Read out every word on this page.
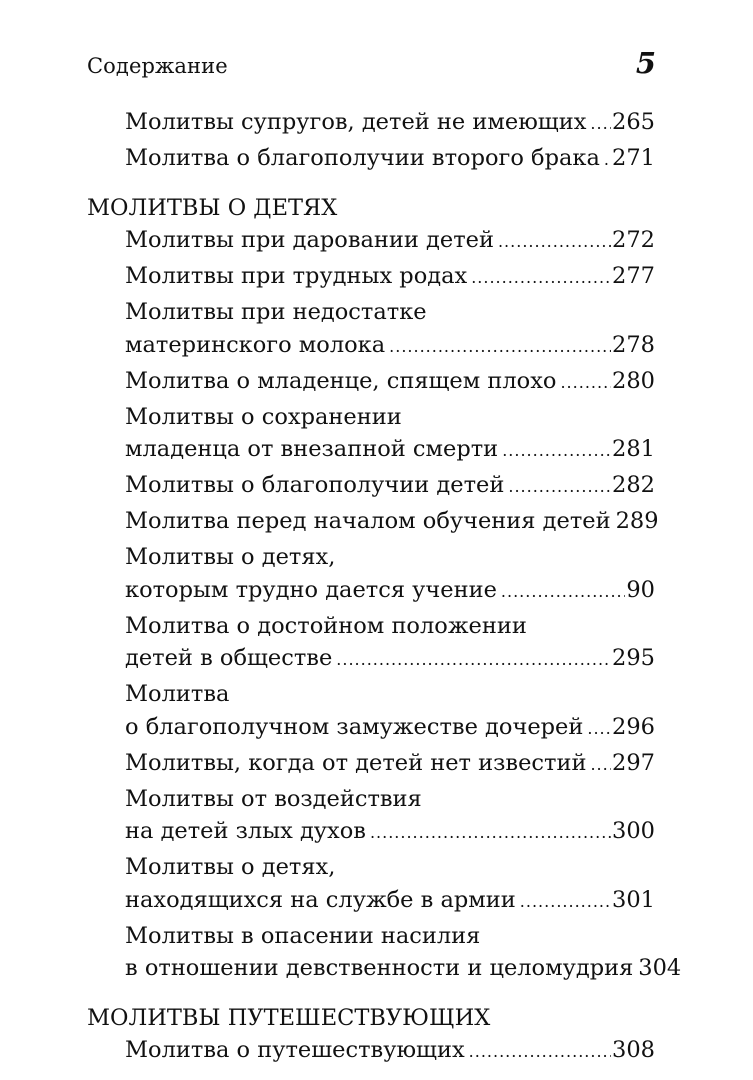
Содержание	5
Молитвы супругов, детей не имеющих ..... 265
Молитва о благополучии второго брака ..... 271
МОЛИТВЫ О ДЕТЯХ
Молитвы при даровании детей .....	272
Молитвы при трудных родах .....	277
Молитвы при недостатке
материнского молока .....	278
Молитва о младенце, спящем плохо ..... 280
Молитвы о сохранении
младенца от внезапной смерти .....	281
Молитвы о благополучии детей .....	282
Молитва перед началом обучения детей 289
Молитвы о детях,
которым трудно дается учение .....	90
Молитва о достойном положении
детей в обществе .....	295
Молитва
о благополучном замужестве дочерей ..... 296
Молитвы, когда от детей нет известий ..... 297
Молитвы от воздействия
на детей злых духов .....	300
Молитвы о детях,
находящихся на службе в армии .....	301
Молитвы в опасении насилия
в отношении девственности и целомудрия 304
МОЛИТВЫ ПУТЕШЕСТВУЮЩИХ
Молитва о путешествующих .....	308
